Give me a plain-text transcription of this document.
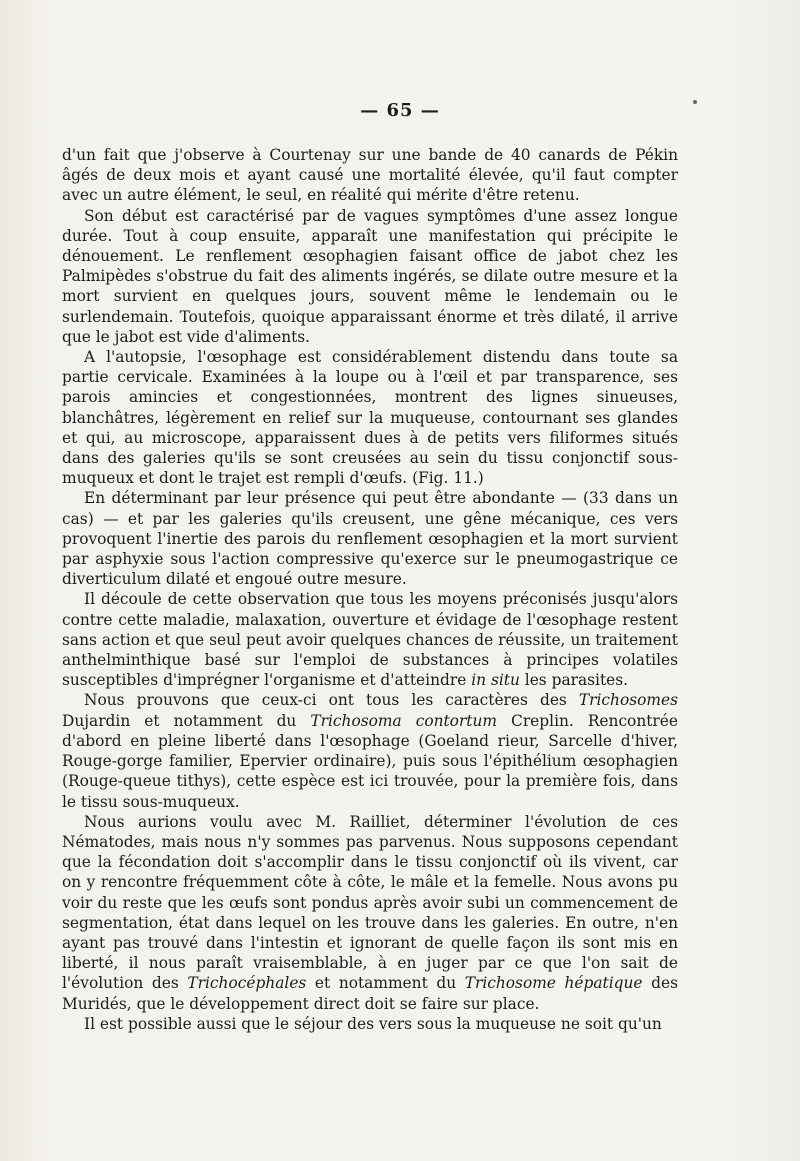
— 65 —

d'un fait que j'observe à Courtenay sur une bande de 40 canards de Pékin âgés de deux mois et ayant causé une mortalité élevée, qu'il faut compter avec un autre élément, le seul, en réalité qui mérite d'être retenu.

Son début est caractérisé par de vagues symptômes d'une assez longue durée. Tout à coup ensuite, apparaît une manifestation qui précipite le dénouement. Le renflement œsophagien faisant office de jabot chez les Palmipèdes s'obstrue du fait des aliments ingérés, se dilate outre mesure et la mort survient en quelques jours, souvent même le lendemain ou le surlendemain. Toutefois, quoique apparaissant énorme et très dilaté, il arrive que le jabot est vide d'aliments.

A l'autopsie, l'œsophage est considérablement distendu dans toute sa partie cervicale. Examinées à la loupe ou à l'œil et par transparence, ses parois amincies et congestionnées, montrent des lignes sinueuses, blanchâtres, légèrement en relief sur la muqueuse, contournant ses glandes et qui, au microscope, apparaissent dues à de petits vers filiformes situés dans des galeries qu'ils se sont creusées au sein du tissu conjonctif sous-muqueux et dont le trajet est rempli d'œufs. (Fig. 11.)

En déterminant par leur présence qui peut être abondante — (33 dans un cas) — et par les galeries qu'ils creusent, une gêne mécanique, ces vers provoquent l'inertie des parois du renflement œsophagien et la mort survient par asphyxie sous l'action compressive qu'exerce sur le pneumogastrique ce diverticulum dilaté et engoué outre mesure.

Il découle de cette observation que tous les moyens préconisés jusqu'alors contre cette maladie, malaxation, ouverture et évidage de l'œsophage restent sans action et que seul peut avoir quelques chances de réussite, un traitement anthelminthique basé sur l'emploi de substances à principes volatiles susceptibles d'imprégner l'organisme et d'atteindre in situ les parasites.

Nous prouvons que ceux-ci ont tous les caractères des Trichosomes Dujardin et notamment du Trichosoma contortum Creplin. Rencontrée d'abord en pleine liberté dans l'œsophage (Goeland rieur, Sarcelle d'hiver, Rouge-gorge familier, Epervier ordinaire), puis sous l'épithélium œsophagien (Rouge-queue tithys), cette espèce est ici trouvée, pour la première fois, dans le tissu sous-muqueux.

Nous aurions voulu avec M. Railliet, déterminer l'évolution de ces Nématodes, mais nous n'y sommes pas parvenus. Nous supposons cependant que la fécondation doit s'accomplir dans le tissu conjonctif où ils vivent, car on y rencontre fréquemment côte à côte, le mâle et la femelle. Nous avons pu voir du reste que les œufs sont pondus après avoir subi un commencement de segmentation, état dans lequel on les trouve dans les galeries. En outre, n'en ayant pas trouvé dans l'intestin et ignorant de quelle façon ils sont mis en liberté, il nous paraît vraisemblable, à en juger par ce que l'on sait de l'évolution des Trichocéphales et notamment du Trichosome hépatique des Muridés, que le développement direct doit se faire sur place.

Il est possible aussi que le séjour des vers sous la muqueuse ne soit qu'un
